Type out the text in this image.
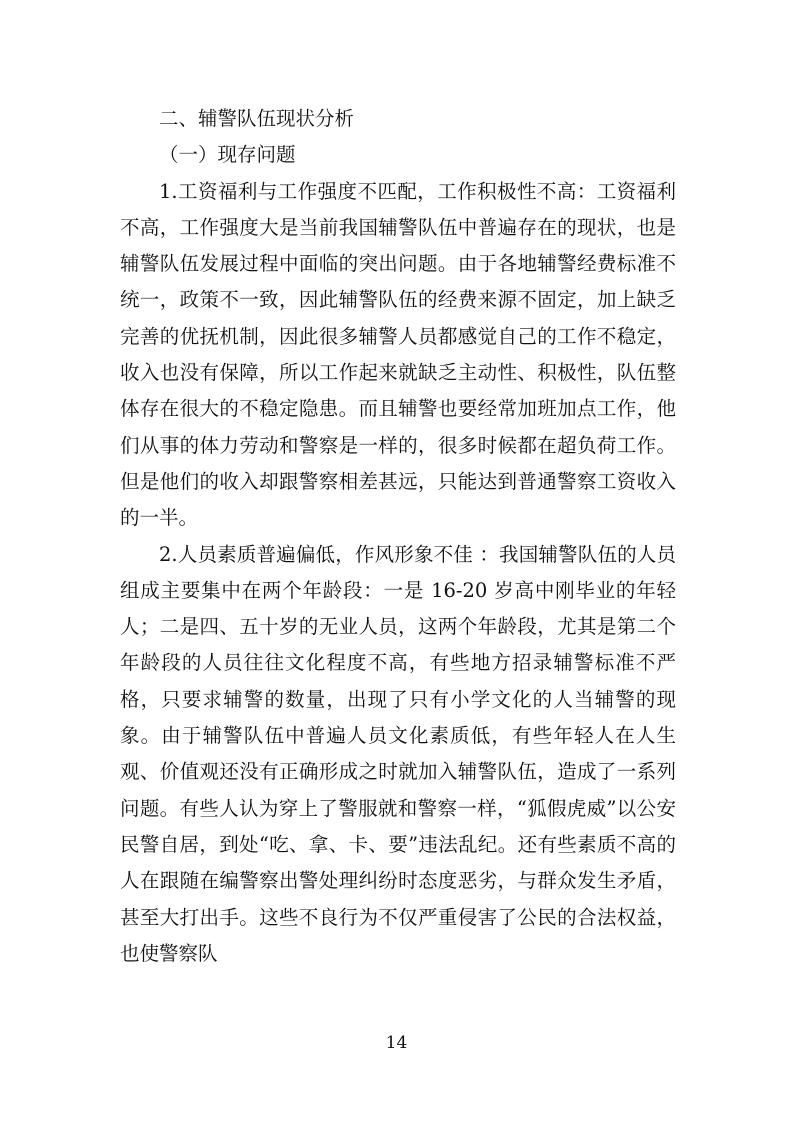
二、辅警队伍现状分析

（一）现存问题

1.工资福利与工作强度不匹配，工作积极性不高：工资福利不高，工作强度大是当前我国辅警队伍中普遍存在的现状，也是辅警队伍发展过程中面临的突出问题。由于各地辅警经费标准不统一，政策不一致，因此辅警队伍的经费来源不固定，加上缺乏完善的优抚机制，因此很多辅警人员都感觉自己的工作不稳定，收入也没有保障，所以工作起来就缺乏主动性、积极性，队伍整体存在很大的不稳定隐患。而且辅警也要经常加班加点工作，他们从事的体力劳动和警察是一样的，很多时候都在超负荷工作。但是他们的收入却跟警察相差甚远，只能达到普通警察工资收入的一半。

2.人员素质普遍偏低，作风形象不佳 ：我国辅警队伍的人员组成主要集中在两个年龄段：一是 16-20 岁高中刚毕业的年轻人；二是四、五十岁的无业人员，这两个年龄段，尤其是第二个年龄段的人员往往文化程度不高，有些地方招录辅警标准不严格，只要求辅警的数量，出现了只有小学文化的人当辅警的现象。由于辅警队伍中普遍人员文化素质低，有些年轻人在人生观、价值观还没有正确形成之时就加入辅警队伍，造成了一系列问题。有些人认为穿上了警服就和警察一样，“狐假虎威”以公安民警自居，到处“吃、拿、卡、要”违法乱纪。还有些素质不高的人在跟随在编警察出警处理纠纷时态度恶劣，与群众发生矛盾，甚至大打出手。这些不良行为不仅严重侵害了公民的合法权益，也使警察队

14
